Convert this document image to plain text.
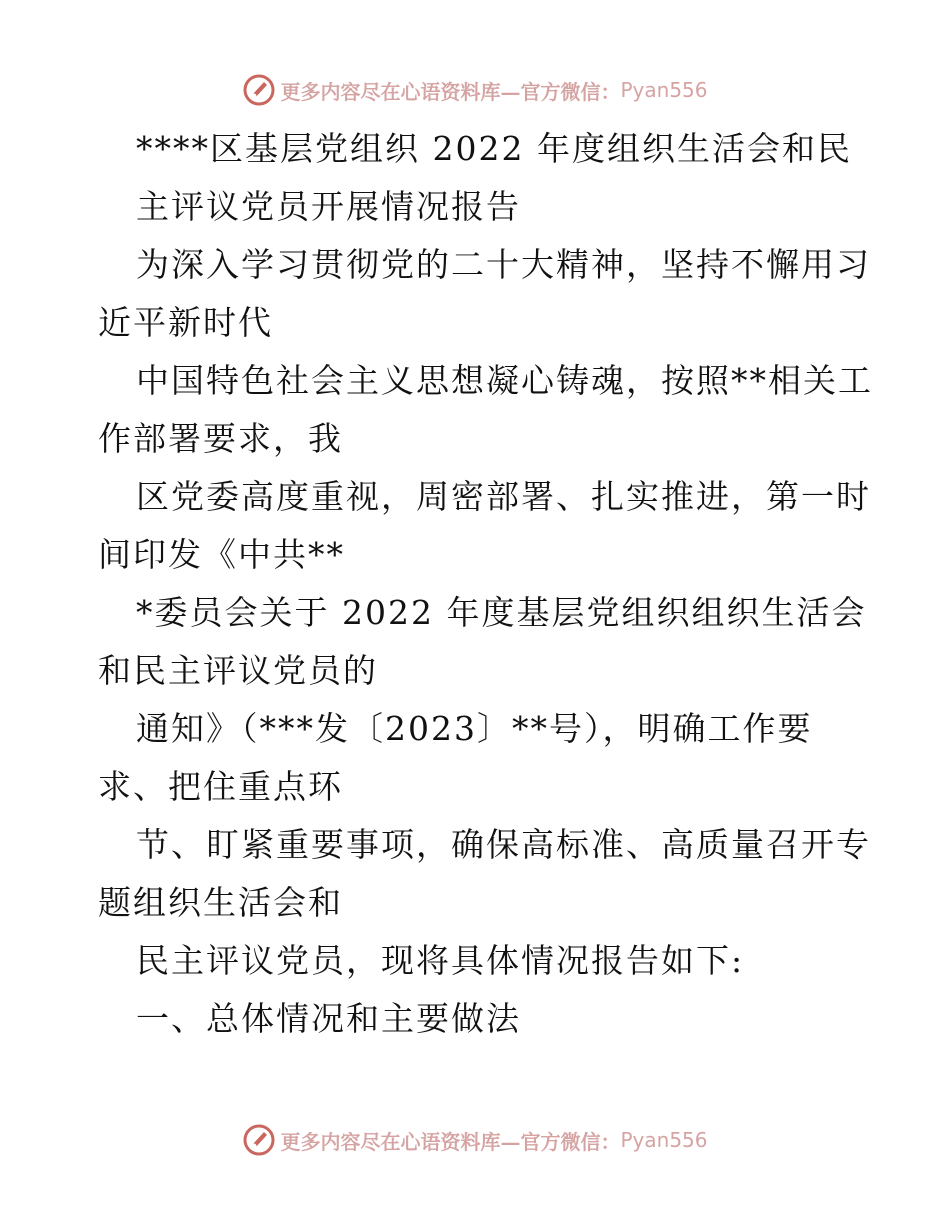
更多内容尽在心语资料库—官方微信： Pyan556
****区基层党组织 2022 年度组织生活会和民
主评议党员开展情况报告
为深入学习贯彻党的二十大精神，坚持不懈用习
近平新时代
中国特色社会主义思想凝心铸魂，按照**相关工
作部署要求，我
区党委高度重视，周密部署、扎实推进，第一时
间印发《中共**
*委员会关于 2022 年度基层党组织组织生活会
和民主评议党员的
通知》（***发〔2023〕**号），明确工作要
求、把住重点环
节、盯紧重要事项，确保高标准、高质量召开专
题组织生活会和
民主评议党员，现将具体情况报告如下:
一、总体情况和主要做法
更多内容尽在心语资料库—官方微信： Pyan556
